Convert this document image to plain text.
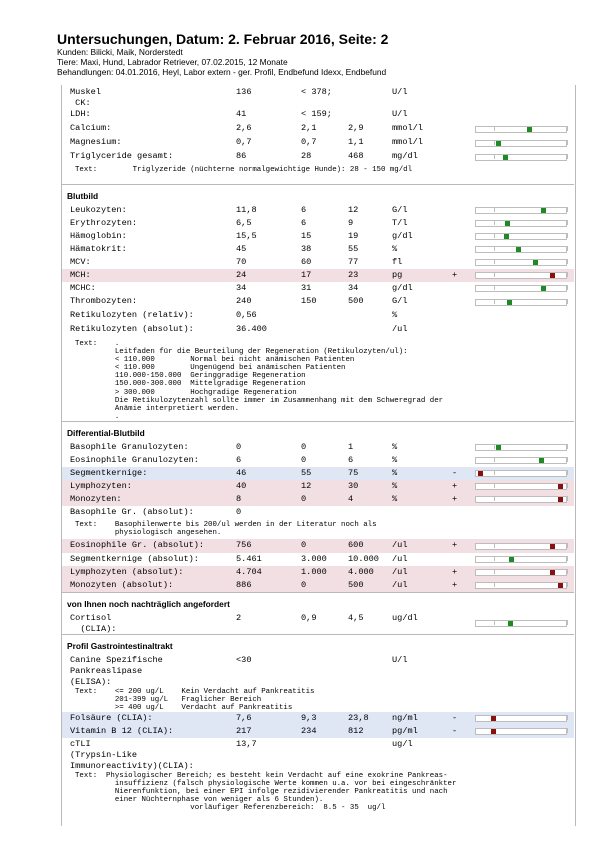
Untersuchungen, Datum: 2. Februar 2016, Seite: 2
Kunden: Bilicki, Maik, Norderstedt
Tiere: Maxi, Hund, Labrador Retriever, 07.02.2015, 12 Monate
Behandlungen: 04.01.2016, Heyl, Labor extern - ger. Profil, Endbefund Idexx, Endbefund
Muskel
CK:
136	< 378;	U/l
LDH:	41	< 159;	U/l
Calcium:	2,6	2,1	2,9	mmol/l
Magnesium:	0,7	0,7	1,1	mmol/l
Triglyceride gesamt:	86	28	468	mg/dl
Text: Triglyzeride (nüchterne normalgewichtige Hunde): 28 - 150 mg/dl
Blutbild
Leukozyten:	11,8	6	12	G/l
Erythrozyten:	6,5	6	9	T/l
Hämoglobin:	15,5	15	19	g/dl
Hämatokrit:	45	38	55	%
MCV:	70	60	77	fl
MCH:	24	17	23	pg	+
MCHC:	34	31	34	g/dl
Thrombozyten:	240	150	500	G/l
Retikulozyten (relativ):	0,56	%
Retikulozyten (absolut):	36.400	/ul
Text:	.
Leitfaden für die Beurteilung der Regeneration (Retikulozyten/ul):
< 110.000        Normal bei nicht anämischen Patienten
< 110.000        Ungenügend bei anämischen Patienten
110.000-150.000  Geringgradige Regeneration
150.000-300.000  Mittelgradige Regeneration
> 300.000        Hochgradige Regeneration
Die Retikulozytenzahl sollte immer im Zusammenhang mit dem Schweregrad der
Anämie interpretiert werden.
.
Differential-Blutbild
Basophile Granulozyten:	0	0	1	%
Eosinophile Granulozyten:	6	0	6	%
Segmentkernige:	46	55	75	%	-
Lymphozyten:	40	12	30	%	+
Monozyten:	8	0	4	%	+
Basophile Gr. (absolut):	0
Text:	Basophilenwerte bis 200/ul werden in der Literatur noch als
physiologisch angesehen.
Eosinophile Gr. (absolut):	756	0	600	/ul	+
Segmentkernige (absolut):	5.461	3.000 10.000 /ul
Lymphozyten (absolut):	4.704	1.000 4.000 /ul	+
Monozyten (absolut):	886	0	500	/ul	+
von Ihnen noch nachträglich angefordert
Cortisol
(CLIA):
2	0,9	4,5	ug/dl
Profil Gastrointestinaltrakt
Canine Spezifische
Pankreaslipase
(ELISA):
<30	U/l
Text:	<= 200 ug/L    Kein Verdacht auf Pankreatitis
201-399 ug/L   Fraglicher Bereich
>= 400 ug/L    Verdacht auf Pankreatitis
Folsäure (CLIA):	7,6	9,3	23,8	ng/ml	-
Vitamin B 12 (CLIA):	217	234	812	pg/ml	-
cTLI
(Trypsin-Like
Immunoreactivity)(CLIA):
13,7	ug/l
Text: Physiologischer Bereich; es besteht kein Verdacht auf eine exokrine Pankreas-
insuffizienz (falsch physiologische Werte kommen u.a. vor bei eingeschränkter
Nierenfunktion, bei einer EPI infolge rezidivierender Pankreatitis und nach
einer Nüchternphase von weniger als 6 Stunden).
vorläufiger Referenzbereich:  8.5 - 35  ug/l
